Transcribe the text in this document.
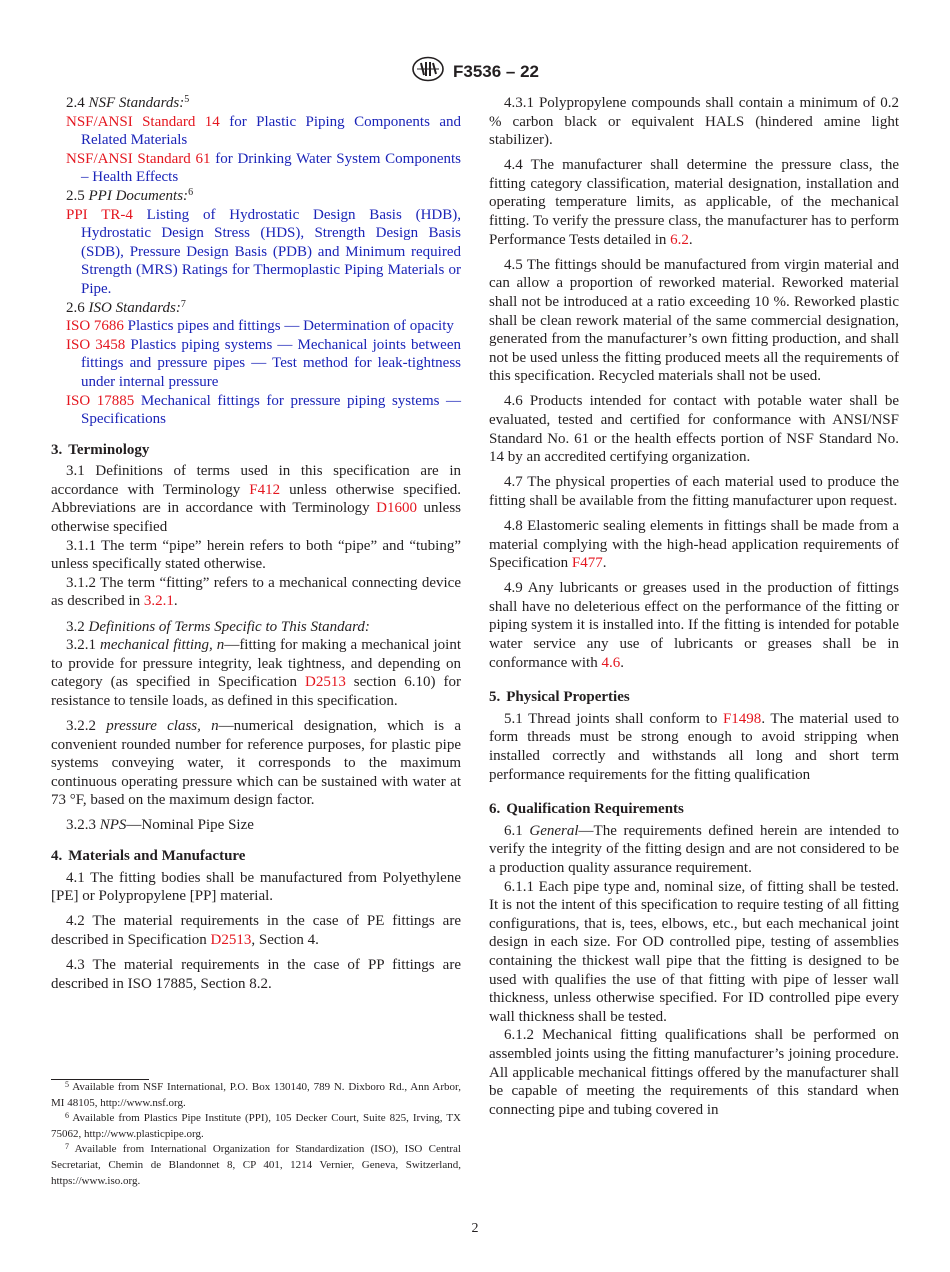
F3536 – 22

2.4 NSF Standards:$^5$

NSF/ANSI Standard 14 for Plastic Piping Components and Related Materials

NSF/ANSI Standard 61 for Drinking Water System Components – Health Effects

2.5 PPI Documents:$^6$

PPI TR-4 Listing of Hydrostatic Design Basis (HDB), Hydrostatic Design Stress (HDS), Strength Design Basis (SDB), Pressure Design Basis (PDB) and Minimum required Strength (MRS) Ratings for Thermoplastic Piping Materials or Pipe.

2.6 ISO Standards:$^7$

ISO 7686 Plastics pipes and fittings — Determination of opacity

ISO 3458 Plastics piping systems — Mechanical joints between fittings and pressure pipes — Test method for leak-tightness under internal pressure

ISO 17885 Mechanical fittings for pressure piping systems — Specifications

3. Terminology

3.1 Definitions of terms used in this specification are in accordance with Terminology F412 unless otherwise specified. Abbreviations are in accordance with Terminology D1600 unless otherwise specified

3.1.1 The term “pipe” herein refers to both “pipe” and “tubing” unless specifically stated otherwise.

3.1.2 The term “fitting” refers to a mechanical connecting device as described in 3.2.1.

3.2 Definitions of Terms Specific to This Standard:

3.2.1 mechanical fitting, n—fitting for making a mechanical joint to provide for pressure integrity, leak tightness, and depending on category (as specified in Specification D2513 section 6.10) for resistance to tensile loads, as defined in this specification.

3.2.2 pressure class, n—numerical designation, which is a convenient rounded number for reference purposes, for plastic pipe systems conveying water, it corresponds to the maximum continuous operating pressure which can be sustained with water at 73 °F, based on the maximum design factor.

3.2.3 NPS—Nominal Pipe Size

4. Materials and Manufacture

4.1 The fitting bodies shall be manufactured from Polyethylene [PE] or Polypropylene [PP] material.

4.2 The material requirements in the case of PE fittings are described in Specification D2513, Section 4.

4.3 The material requirements in the case of PP fittings are described in ISO 17885, Section 8.2.

$^5$ Available from NSF International, P.O. Box 130140, 789 N. Dixboro Rd., Ann Arbor, MI 48105, http://www.nsf.org.

$^6$ Available from Plastics Pipe Institute (PPI), 105 Decker Court, Suite 825, Irving, TX 75062, http://www.plasticpipe.org.

$^7$ Available from International Organization for Standardization (ISO), ISO Central Secretariat, Chemin de Blandonnet 8, CP 401, 1214 Vernier, Geneva, Switzerland, https://www.iso.org.

4.3.1 Polypropylene compounds shall contain a minimum of 0.2 % carbon black or equivalent HALS (hindered amine light stabilizer).

4.4 The manufacturer shall determine the pressure class, the fitting category classification, material designation, installation and operating temperature limits, as applicable, of the mechanical fitting. To verify the pressure class, the manufacturer has to perform Performance Tests detailed in 6.2.

4.5 The fittings should be manufactured from virgin material and can allow a proportion of reworked material. Reworked material shall not be introduced at a ratio exceeding 10 %. Reworked plastic shall be clean rework material of the same commercial designation, generated from the manufacturer’s own fitting production, and shall not be used unless the fitting produced meets all the requirements of this specification. Recycled materials shall not be used.

4.6 Products intended for contact with potable water shall be evaluated, tested and certified for conformance with ANSI/NSF Standard No. 61 or the health effects portion of NSF Standard No. 14 by an accredited certifying organization.

4.7 The physical properties of each material used to produce the fitting shall be available from the fitting manufacturer upon request.

4.8 Elastomeric sealing elements in fittings shall be made from a material complying with the high-head application requirements of Specification F477.

4.9 Any lubricants or greases used in the production of fittings shall have no deleterious effect on the performance of the fitting or piping system it is installed into. If the fitting is intended for potable water service any use of lubricants or greases shall be in conformance with 4.6.

5. Physical Properties

5.1 Thread joints shall conform to F1498. The material used to form threads must be strong enough to avoid stripping when installed correctly and withstands all long and short term performance requirements for the fitting qualification

6. Qualification Requirements

6.1 General—The requirements defined herein are intended to verify the integrity of the fitting design and are not considered to be a production quality assurance requirement.

6.1.1 Each pipe type and, nominal size, of fitting shall be tested. It is not the intent of this specification to require testing of all fitting configurations, that is, tees, elbows, etc., but each mechanical joint design in each size. For OD controlled pipe, testing of assemblies containing the thickest wall pipe that the fitting is designed to be used with qualifies the use of that fitting with pipe of lesser wall thickness, unless otherwise specified. For ID controlled pipe every wall thickness shall be tested.

6.1.2 Mechanical fitting qualifications shall be performed on assembled joints using the fitting manufacturer’s joining procedure. All applicable mechanical fittings offered by the manufacturer shall be capable of meeting the requirements of this standard when connecting pipe and tubing covered in

2
